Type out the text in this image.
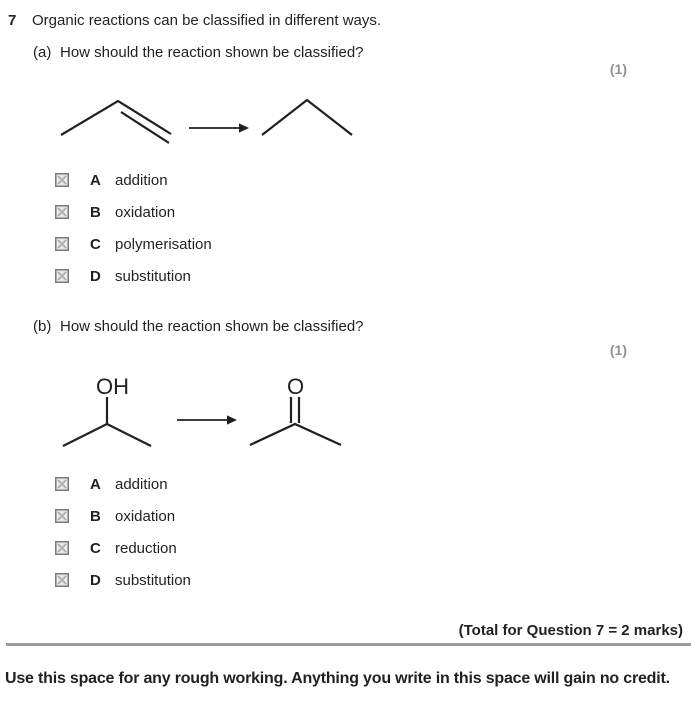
7	Organic reactions can be classified in different ways.
(a) How should the reaction shown be classified?
(1)
A addition
B oxidation
C polymerisation
D substitution
(b) How should the reaction shown be classified?
(1)
OH	O
A addition
B oxidation
C reduction
D substitution
(Total for Question 7 = 2 marks)
Use this space for any rough working. Anything you write in this space will gain no credit.
